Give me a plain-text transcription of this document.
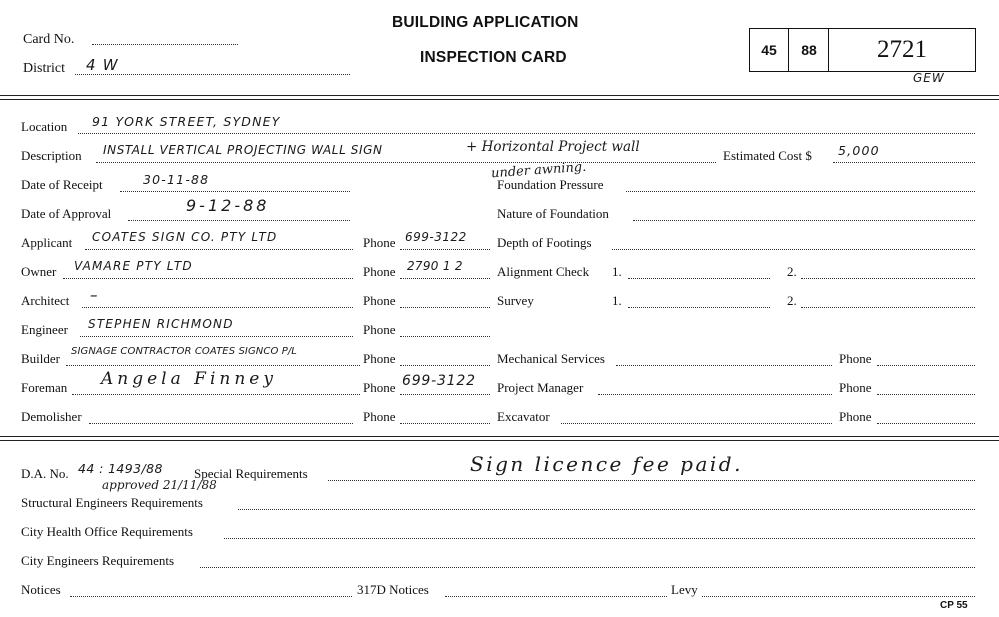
Card No.
District 4 W
BUILDING APPLICATION
INSPECTION CARD	45	88	2721
GEW
Location 91 YORK STREET, SYDNEY
Description INSTALL VERTICAL PROJECTING WALL SIGN	+ Horizontal Project wall
under awning.
Estimated Cost $ 5,000
Date of Receipt	30-11-88	Foundation Pressure
Date of Approval	9-12-88	Nature of Foundation
Applicant COATES SIGN CO. PTY LTD	Phone 699-3122 Depth of Footings
Owner VAMARE PTY LTD	Phone 2790 1 2	Alignment Check 1.	2.
Architect –	Phone	Survey	1.	2.
Engineer STEPHEN RICHMOND	Phone
Builder SIGNAGE CONTRACTOR COATES SIGNCO P/L	Phone	Mechanical Services	Phone
Foreman Angela Finney	Phone 699-3122 Project Manager	Phone
Demolisher	Phone	Excavator	Phone
D.A. No. 44 : 1493/88
approved 21/11/88
Special Requirements	Sign licence fee paid.
Structural Engineers Requirements
City Health Office Requirements
City Engineers Requirements
Notices	317D Notices	Levy
CP 55
